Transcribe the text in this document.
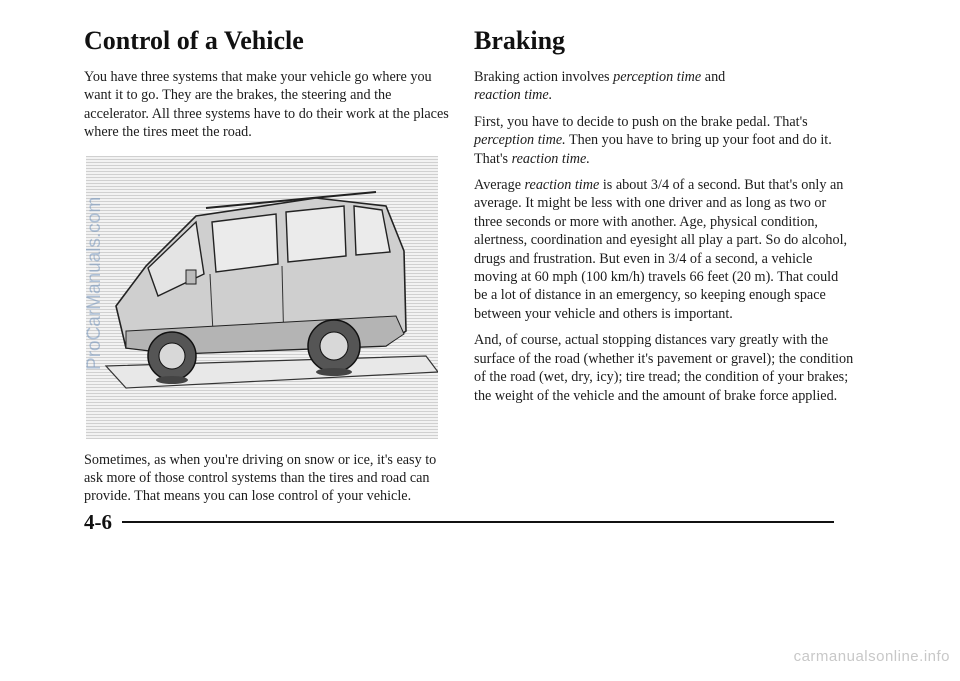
Control of a Vehicle

You have three systems that make your vehicle go where you want it to go. They are the brakes, the steering and the accelerator. All three systems have to do their work at the places where the tires meet the road.

Sometimes, as when you're driving on snow or ice, it's easy to ask more of those control systems than the tires and road can provide. That means you can lose control of your vehicle.

ProCarManuals.com
Braking

Braking action involves perception time and
reaction time.

First, you have to decide to push on the brake pedal. That's perception time. Then you have to bring up your foot and do it. That's reaction time.

Average reaction time is about 3/4 of a second. But that's only an average. It might be less with one driver and as long as two or three seconds or more with another. Age, physical condition, alertness, coordination and eyesight all play a part. So do alcohol, drugs and frustration. But even in 3/4 of a second, a vehicle moving at 60 mph (100 km/h) travels 66 feet (20 m). That could be a lot of distance in an emergency, so keeping enough space between your vehicle and others is important.

And, of course, actual stopping distances vary greatly with the surface of the road (whether it's pavement or gravel); the condition of the road (wet, dry, icy); tire tread; the condition of your brakes; the weight of the vehicle and the amount of brake force applied.

4-6
carmanualsonline.info
